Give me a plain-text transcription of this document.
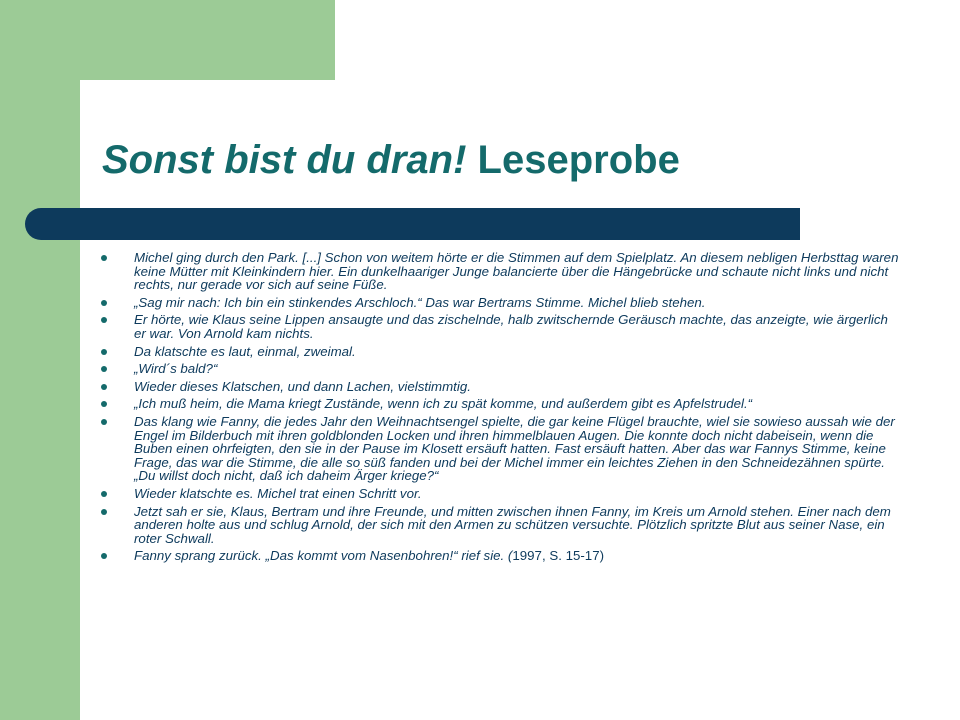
Sonst bist du dran! Leseprobe
Michel ging durch den Park. [...] Schon von weitem hörte er die Stimmen auf dem Spielplatz. An diesem nebligen Herbsttag waren keine Mütter mit Kleinkindern hier. Ein dunkelhaariger Junge balancierte über die Hängebrücke und schaute nicht links und nicht rechts, nur gerade vor sich auf seine Füße.
„Sag mir nach: Ich bin ein stinkendes Arschloch.“ Das war Bertrams Stimme. Michel blieb stehen.
Er hörte, wie Klaus seine Lippen ansaugte und das zischelnde, halb zwitschernde Geräusch machte, das anzeigte, wie ärgerlich er war. Von Arnold kam nichts.
Da klatschte es laut, einmal, zweimal.
„Wird´s bald?“
Wieder dieses Klatschen, und dann Lachen, vielstimmtig.
„Ich muß heim, die Mama kriegt Zustände, wenn ich zu spät komme, und außerdem gibt es Apfelstrudel.“
Das klang wie Fanny, die jedes Jahr den Weihnachtsengel spielte, die gar keine Flügel brauchte, wiel sie sowieso aussah wie der Engel im Bilderbuch mit ihren goldblonden Locken und ihren himmelblauen Augen. Die konnte doch nicht dabeisein, wenn die Buben einen ohrfeigten, den sie in der Pause im Klosett ersäuft hatten. Fast ersäuft hatten. Aber das war Fannys Stimme, keine Frage, das war die Stimme, die alle so süß fanden und bei der Michel immer ein leichtes Ziehen in den Schneidezähnen spürte. „Du willst doch nicht, daß ich daheim Ärger kriege?“
Wieder klatschte es. Michel trat einen Schritt vor.
Jetzt sah er sie, Klaus, Bertram und ihre Freunde, und mitten zwischen ihnen Fanny, im Kreis um Arnold stehen. Einer nach dem anderen holte aus und schlug Arnold, der sich mit den Armen zu schützen versuchte. Plötzlich spritzte Blut aus seiner Nase, ein roter Schwall.
Fanny sprang zurück. „Das kommt vom Nasenbohren!“ rief sie. (1997, S. 15-17)
